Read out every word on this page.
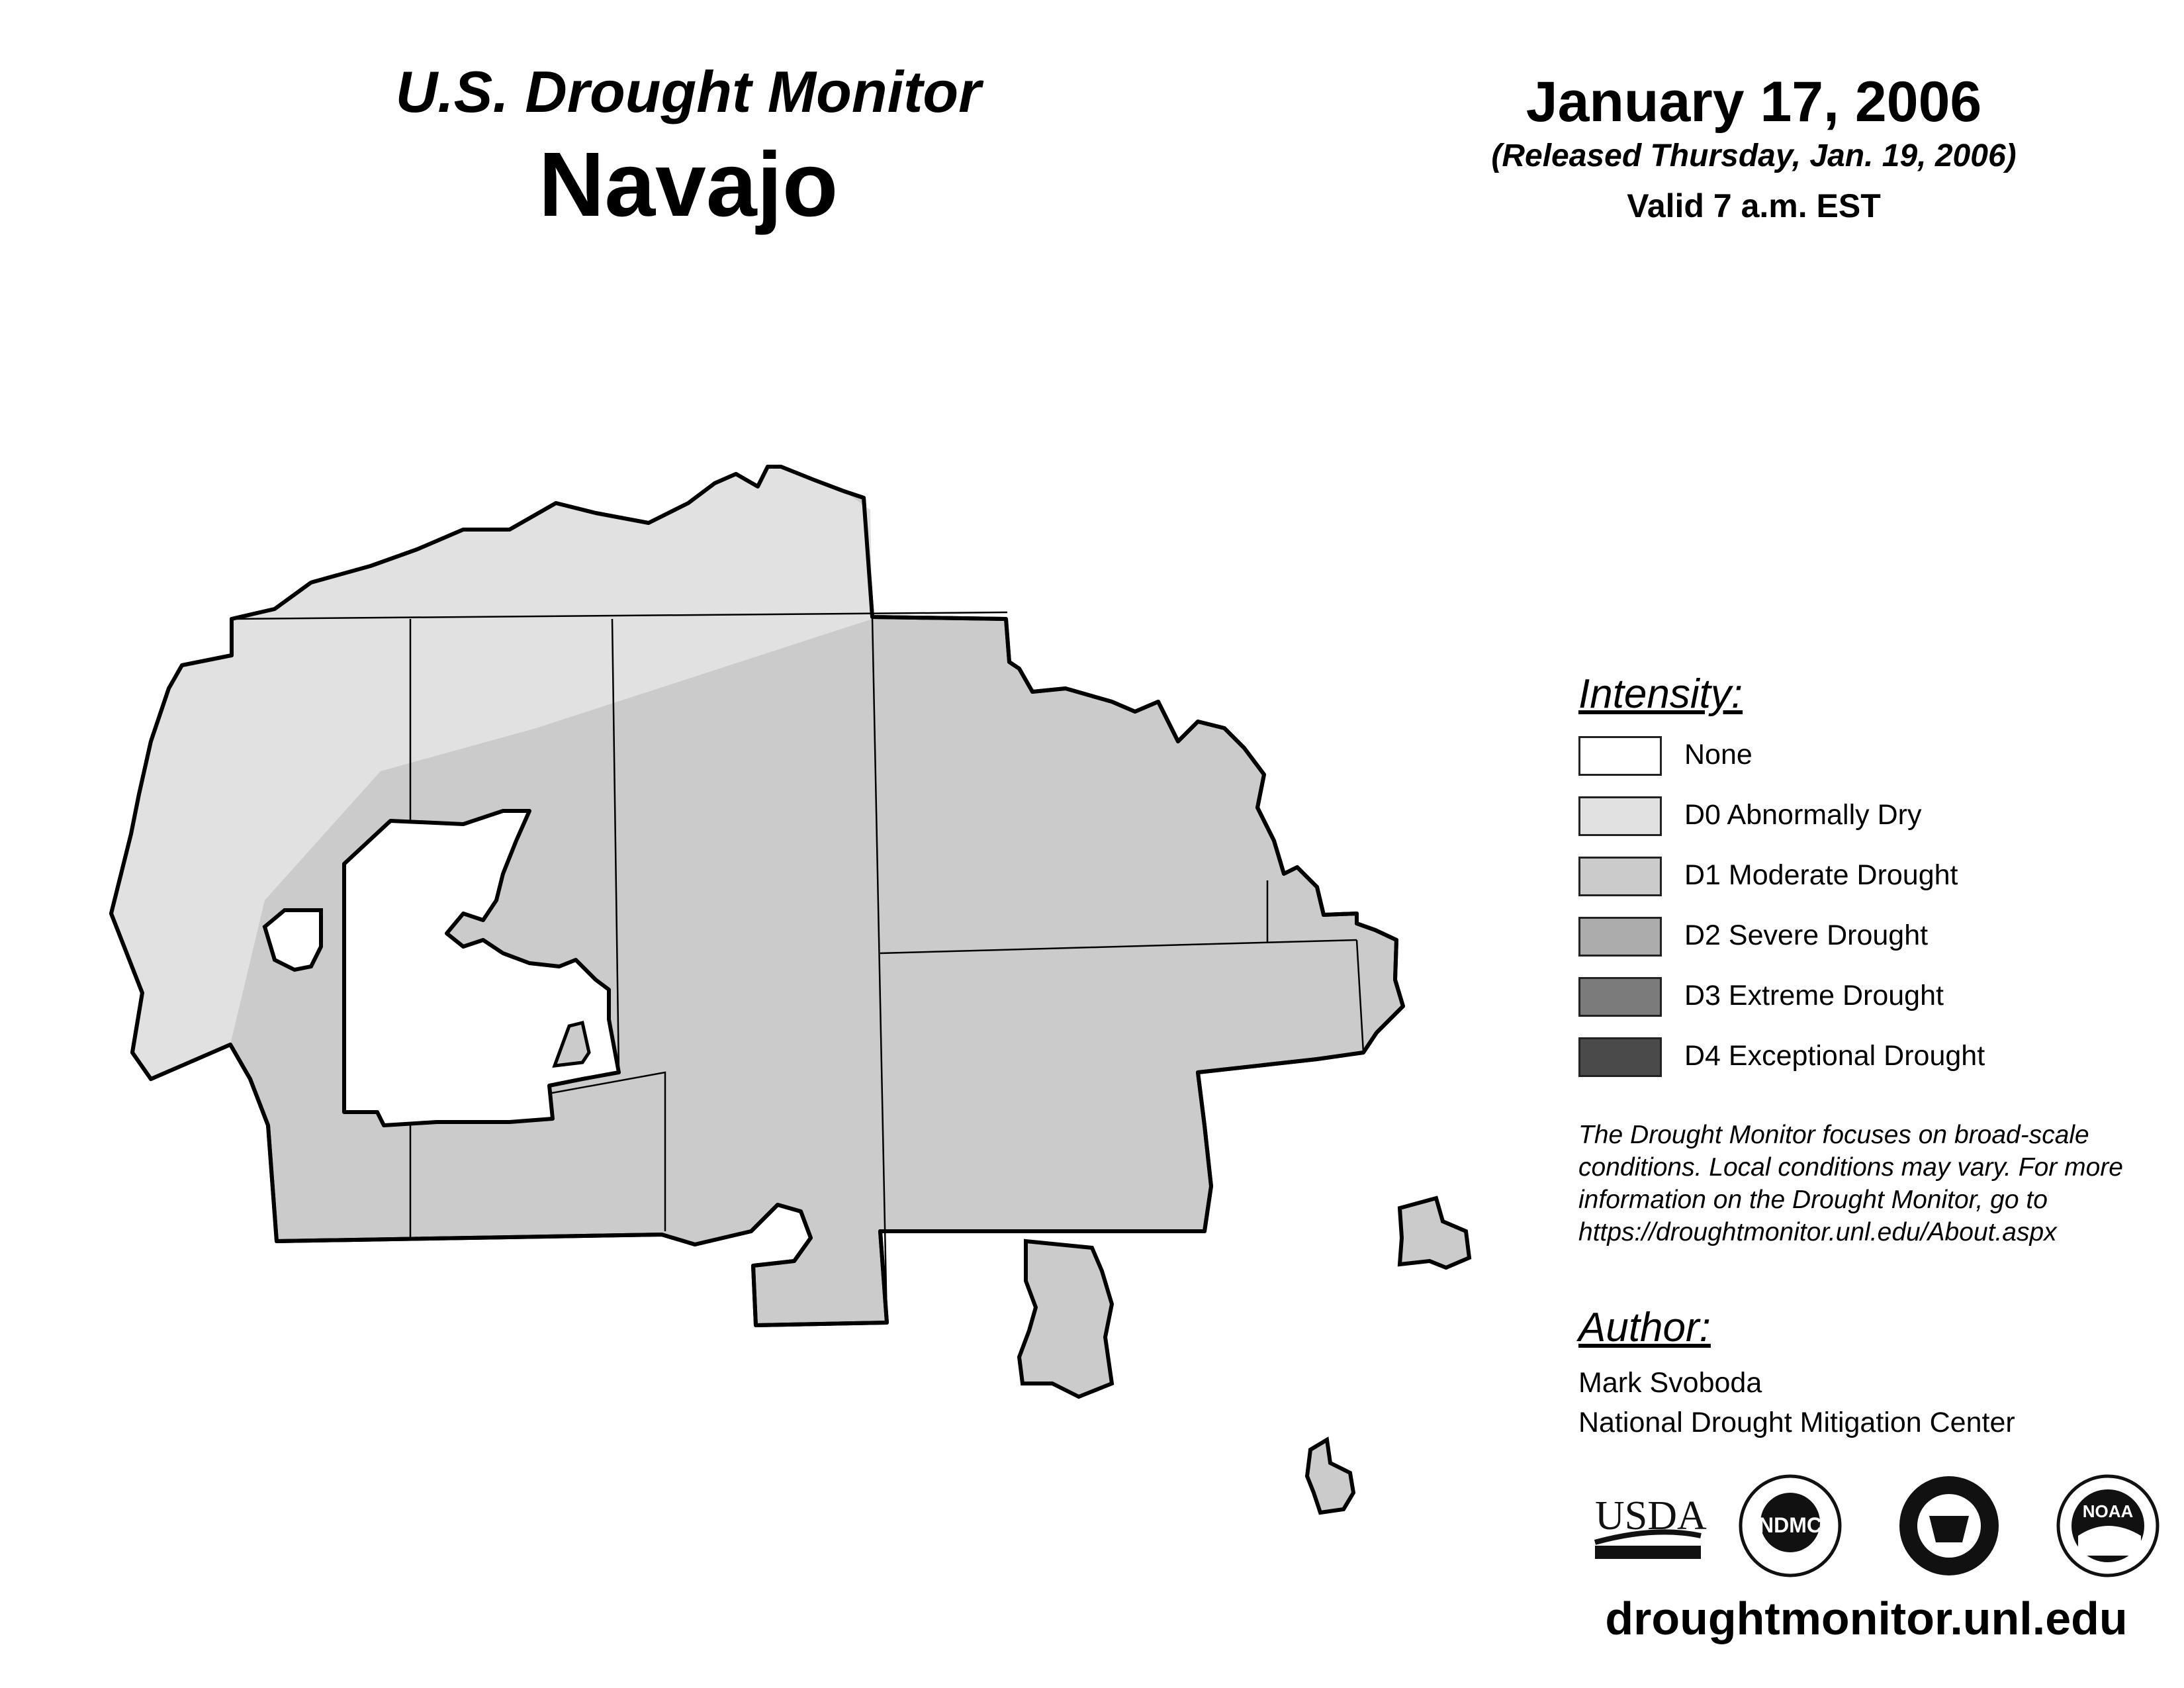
U.S. Drought Monitor
Navajo
January 17, 2006
(Released Thursday, Jan. 19, 2006)
Valid 7 a.m. EST
USDA NDMC
NOAA
Intensity:
None
D0 Abnormally Dry
D1 Moderate Drought
D2 Severe Drought
D3 Extreme Drought
D4 Exceptional Drought
The Drought Monitor focuses on broad-scale conditions. Local conditions may vary. For more information on the Drought Monitor, go to https://droughtmonitor.unl.edu/About.aspx
Author:
Mark Svoboda
National Drought Mitigation Center
droughtmonitor.unl.edu
